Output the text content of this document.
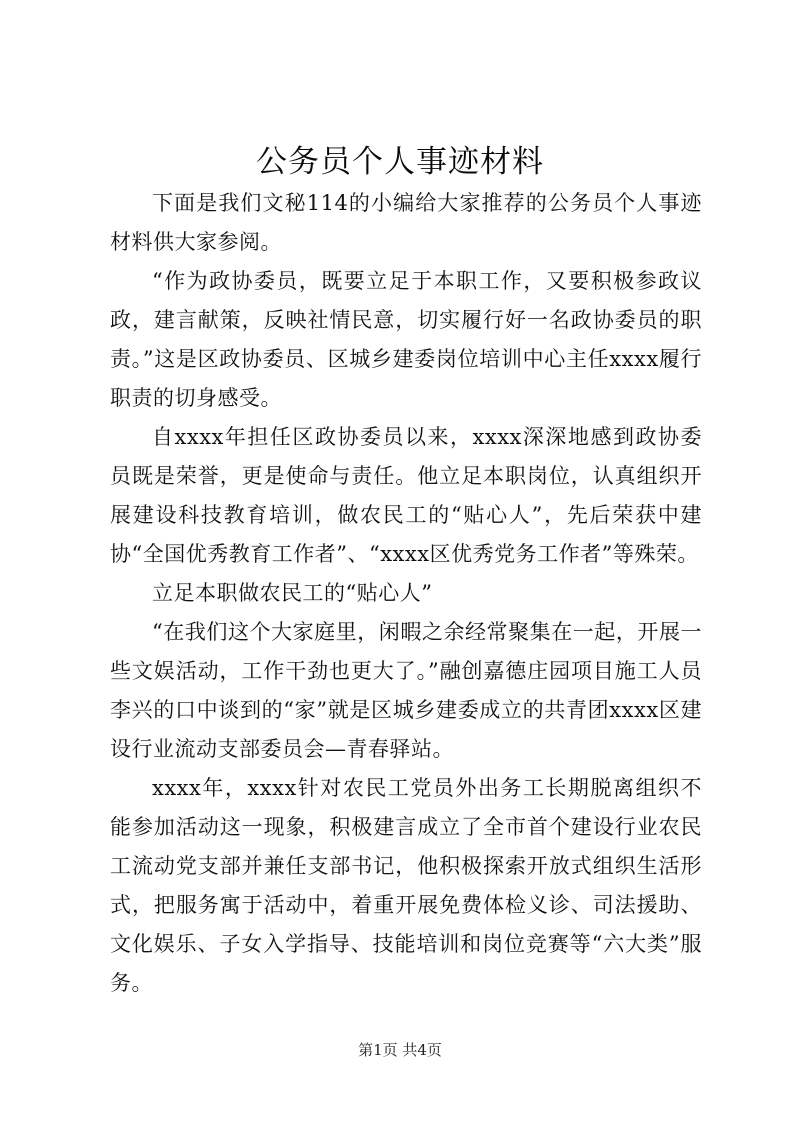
公务员个人事迹材料

下面是我们文秘114的小编给大家推荐的公务员个人事迹材料供大家参阅。

“作为政协委员，既要立足于本职工作，又要积极参政议政，建言献策，反映社情民意，切实履行好一名政协委员的职责。”这是区政协委员、区城乡建委岗位培训中心主任xxxx履行职责的切身感受。

自xxxx年担任区政协委员以来，xxxx深深地感到政协委员既是荣誉，更是使命与责任。他立足本职岗位，认真组织开展建设科技教育培训，做农民工的“贴心人”，先后荣获中建协“全国优秀教育工作者”、“xxxx区优秀党务工作者”等殊荣。

立足本职做农民工的“贴心人”

“在我们这个大家庭里，闲暇之余经常聚集在一起，开展一些文娱活动，工作干劲也更大了。”融创嘉德庄园项目施工人员李兴的口中谈到的“家”就是区城乡建委成立的共青团xxxx区建设行业流动支部委员会—青春驿站。

xxxx年，xxxx针对农民工党员外出务工长期脱离组织不能参加活动这一现象，积极建言成立了全市首个建设行业农民工流动党支部并兼任支部书记，他积极探索开放式组织生活形式，把服务寓于活动中，着重开展免费体检义诊、司法援助、文化娱乐、子女入学指导、技能培训和岗位竞赛等“六大类”服务。

第1页 共4页
